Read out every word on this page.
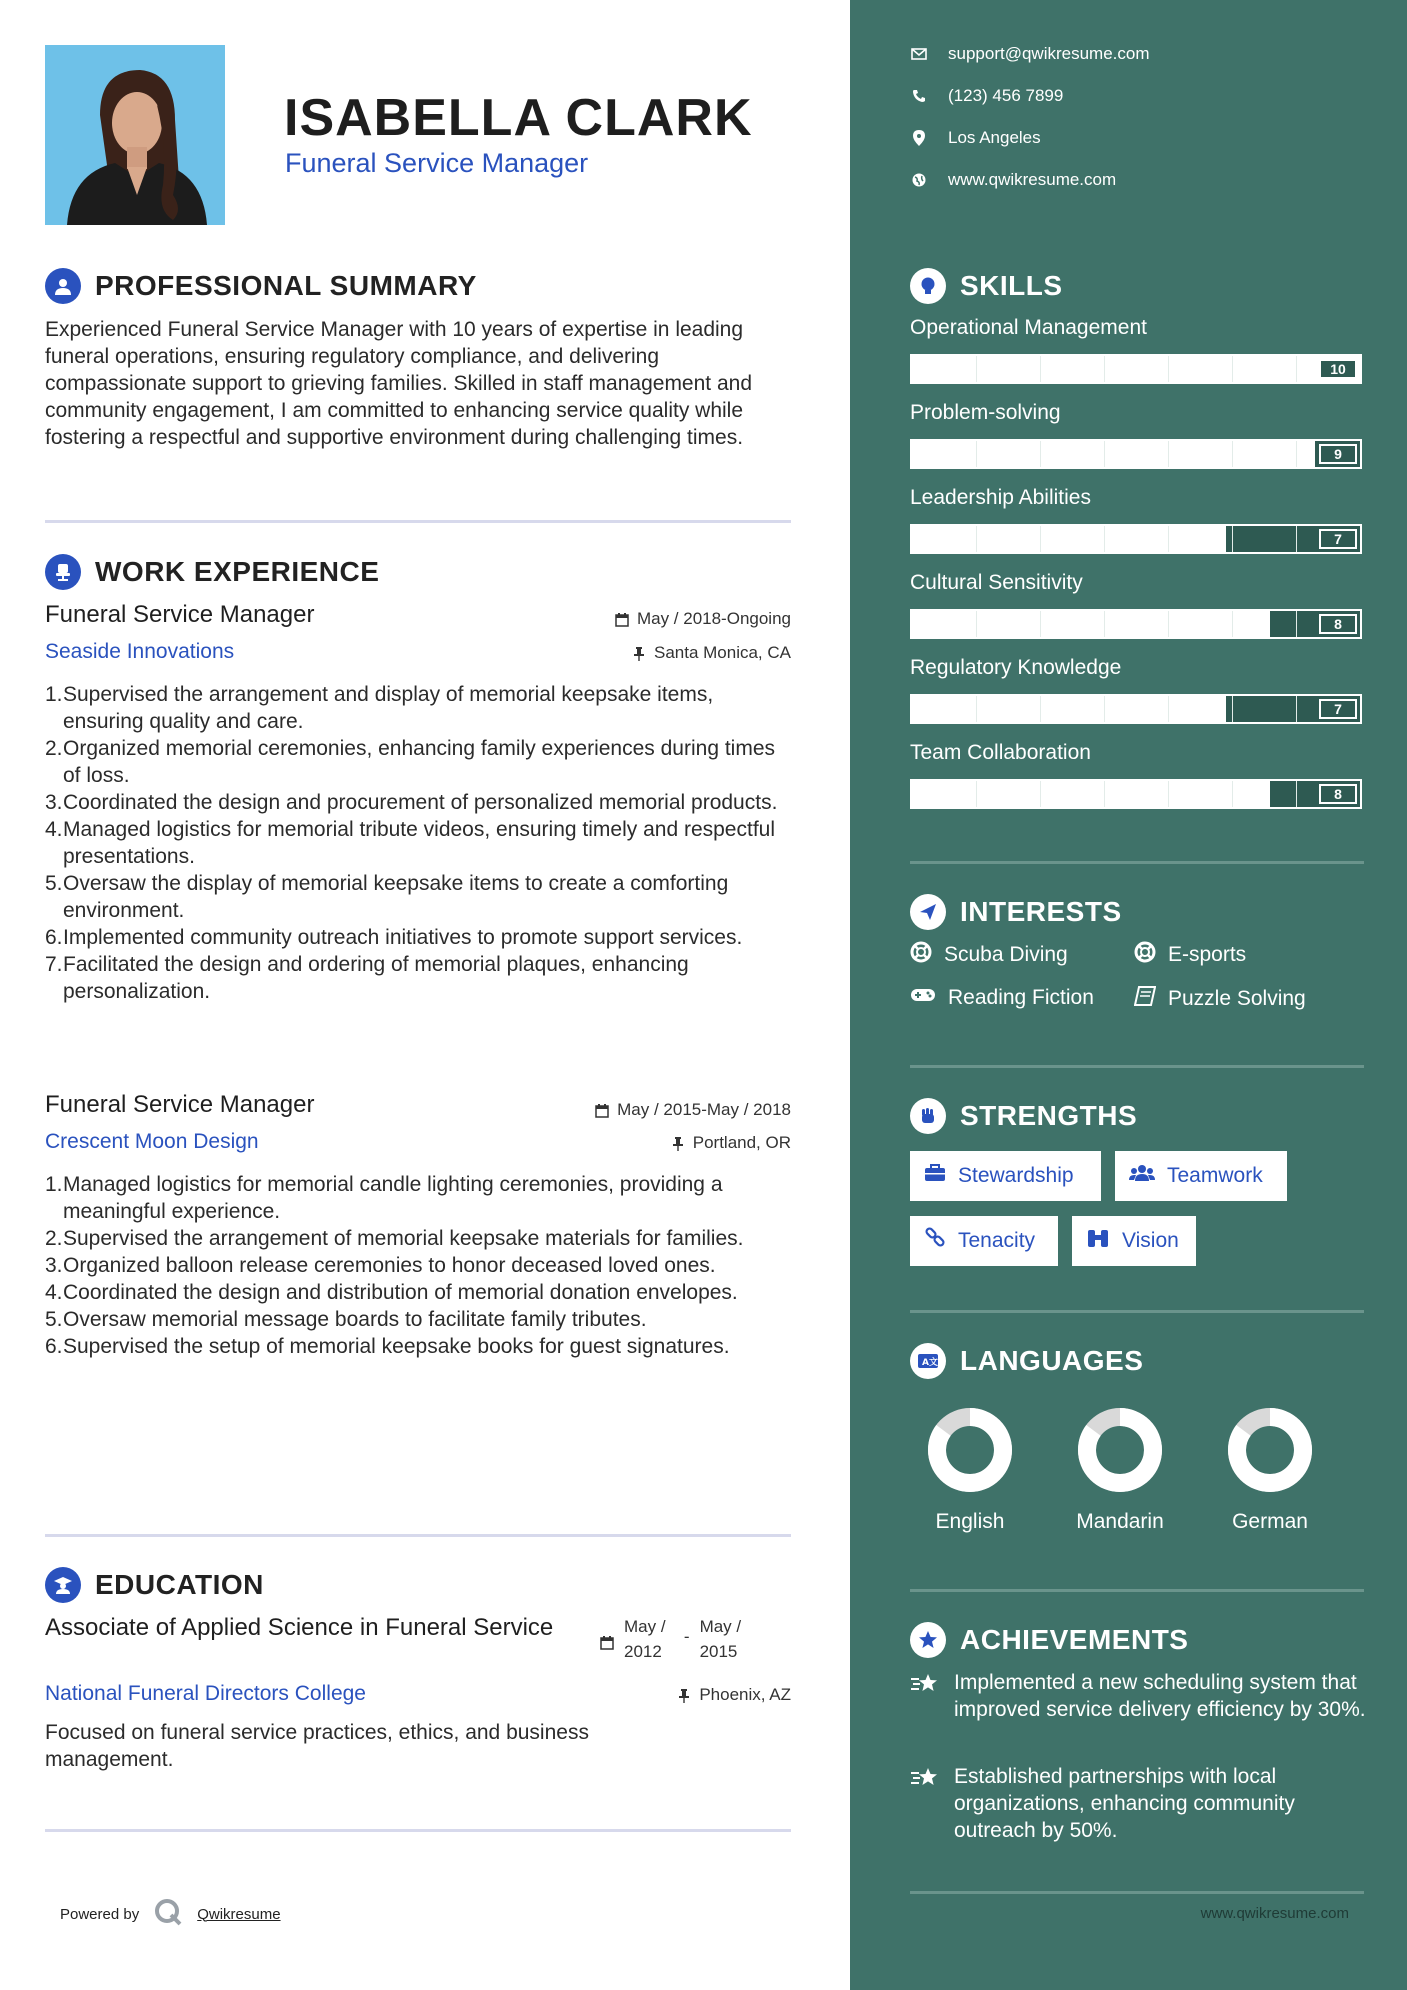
ISABELLA CLARK
Funeral Service Manager
PROFESSIONAL SUMMARY
Experienced Funeral Service Manager with 10 years of expertise in leading funeral operations, ensuring regulatory compliance, and delivering compassionate support to grieving families. Skilled in staff management and community engagement, I am committed to enhancing service quality while fostering a respectful and supportive environment during challenging times.
WORK EXPERIENCE
Funeral Service Manager	May / 2018-Ongoing
Seaside Innovations	Santa Monica, CA
1. Supervised the arrangement and display of memorial keepsake items, ensuring quality and care.
2. Organized memorial ceremonies, enhancing family experiences during times of loss.
3. Coordinated the design and procurement of personalized memorial products.
4. Managed logistics for memorial tribute videos, ensuring timely and respectful presentations.
5. Oversaw the display of memorial keepsake items to create a comforting environment.
6. Implemented community outreach initiatives to promote support services.
7. Facilitated the design and ordering of memorial plaques, enhancing personalization.
Funeral Service Manager	May / 2015-May / 2018
Crescent Moon Design	Portland, OR
1. Managed logistics for memorial candle lighting ceremonies, providing a meaningful experience.
2. Supervised the arrangement of memorial keepsake materials for families.
3. Organized balloon release ceremonies to honor deceased loved ones.
4. Coordinated the design and distribution of memorial donation envelopes.
5. Oversaw memorial message boards to facilitate family tributes.
6. Supervised the setup of memorial keepsake books for guest signatures.
EDUCATION
Associate of Applied Science in Funeral Service	May /
2012
-
May /
2015
National Funeral Directors College	Phoenix, AZ
Focused on funeral service practices, ethics, and business management.
Powered by	Qwikresume
support@qwikresume.com
(123) 456 7899
Los Angeles
www.qwikresume.com
SKILLS
Operational Management
10
Problem-solving
9
Leadership Abilities
7
Cultural Sensitivity
8
Regulatory Knowledge
7
Team Collaboration
8
INTERESTS
Scuba Diving	E-sports
Reading Fiction	Puzzle Solving
STRENGTHS
Stewardship	Teamwork
Tenacity	Vision
A 文 LANGUAGES
English	Mandarin	German
ACHIEVEMENTS
Implemented a new scheduling system that improved service delivery efficiency by 30%.
Established partnerships with local organizations, enhancing community outreach by 50%.
www.qwikresume.com
